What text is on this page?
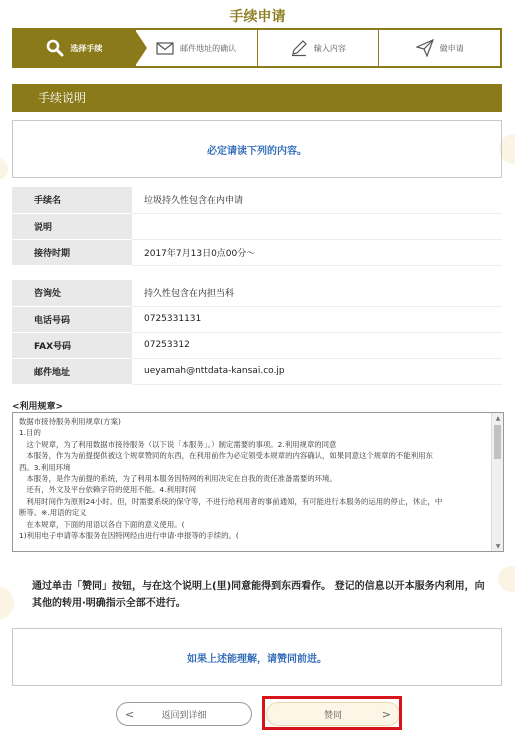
手续申请
选择手续	邮件地址的确认	输入内容	做申请
手续说明
必定请读下列的内容。
手续名	垃圾持久性包含在内申请
说明	
接待时期	2017年7月13日0点00分～
咨询处	持久性包含在内担当科
电话号码	0725331131
FAX号码	07253312
邮件地址	ueyamah@nttdata-kansai.co.jp
<利用规章>
数据市接待服务利用规章(方案)
1.目的
　这个规章，为了利用数据市接待服务（以下说「本服务」。）制定需要的事项。2.利用规章的同意
　本服务，作为为前提提供被这个规章赞同的东西，在利用前作为必定领受本规章的内容确认，如果同意这个规章的不能利用东
西。3.利用环境
　本服务，是作为前提的系统，为了利用本服务因特网的利用决定在自我的责任准备需要的环境。
　还有，外文及平台依赖字符的使用不能。4.利用时间
　利用时间作为原则24小时。但，时需要系统的保守等，不进行给利用者的事前通知，有可能进行本服务的运用的停止，休止，中
断等。※.用语的定义
　在本规章，下面的用语以各自下面的意义使用。(
1)利用电子申请等本服务在因特网经由进行申请·申报等的手续的。(
▲
▼
通过单击「赞同」按钮，与在这个说明上(里)同意能得到东西看作。 登记的信息以开本服务内利用，向其他的转用·明确指示全部不进行。
如果上述能理解，请赞同前进。
<	返回到详细	赞同	>
